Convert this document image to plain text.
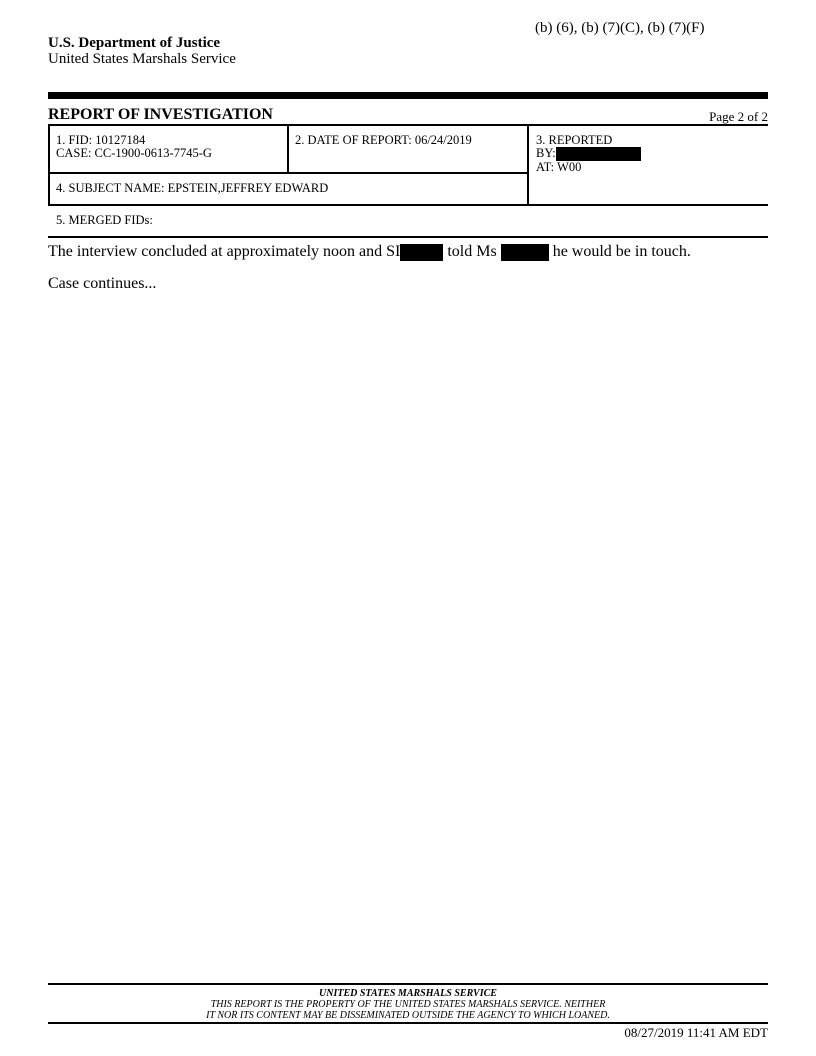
(b) (6), (b) (7)(C), (b) (7)(F)
U.S. Department of Justice
United States Marshals Service
REPORT OF INVESTIGATION	Page 2 of 2
1. FID: 10127184
CASE: CC-1900-0613-7745-G
2. DATE OF REPORT: 06/24/2019	3. REPORTED
BY:
AT: W00
4. SUBJECT NAME: EPSTEIN,JEFFREY EDWARD
5. MERGED FIDs:
The interview concluded at approximately noon and SI	told Ms	he would be in touch.
Case continues...
UNITED STATES MARSHALS SERVICE
THIS REPORT IS THE PROPERTY OF THE UNITED STATES MARSHALS SERVICE. NEITHER
IT NOR ITS CONTENT MAY BE DISSEMINATED OUTSIDE THE AGENCY TO WHICH LOANED.
08/27/2019 11:41 AM EDT
